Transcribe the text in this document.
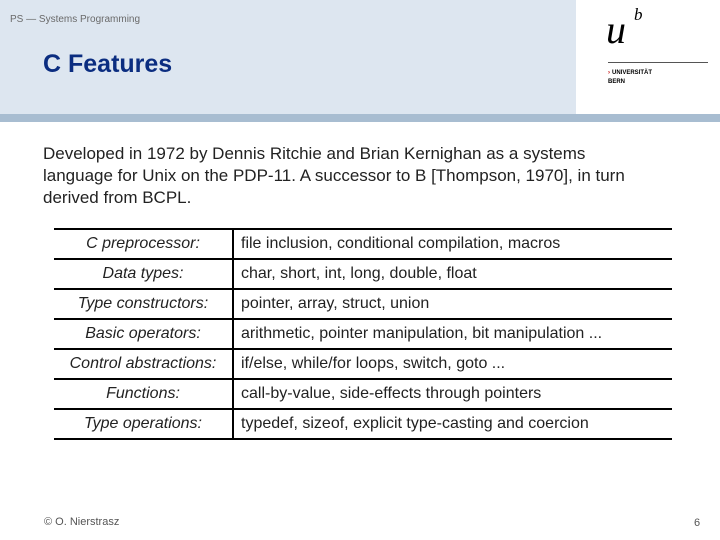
PS — Systems Programming
C Features
u b
› UNIVERSITÄT
BERN

Developed in 1972 by Dennis Ritchie and Brian Kernighan as a systems language for Unix on the PDP-11. A successor to B [Thompson, 1970], in turn derived from BCPL.

C preprocessor:	file inclusion, conditional compilation, macros
Data types:	char, short, int, long, double, float
Type constructors:	pointer, array, struct, union
Basic operators:	arithmetic, pointer manipulation, bit manipulation ...
Control abstractions:	if/else, while/for loops, switch, goto ...
Functions:	call-by-value, side-effects through pointers
Type operations:	typedef, sizeof, explicit type-casting and coercion
© O. Nierstrasz	6
